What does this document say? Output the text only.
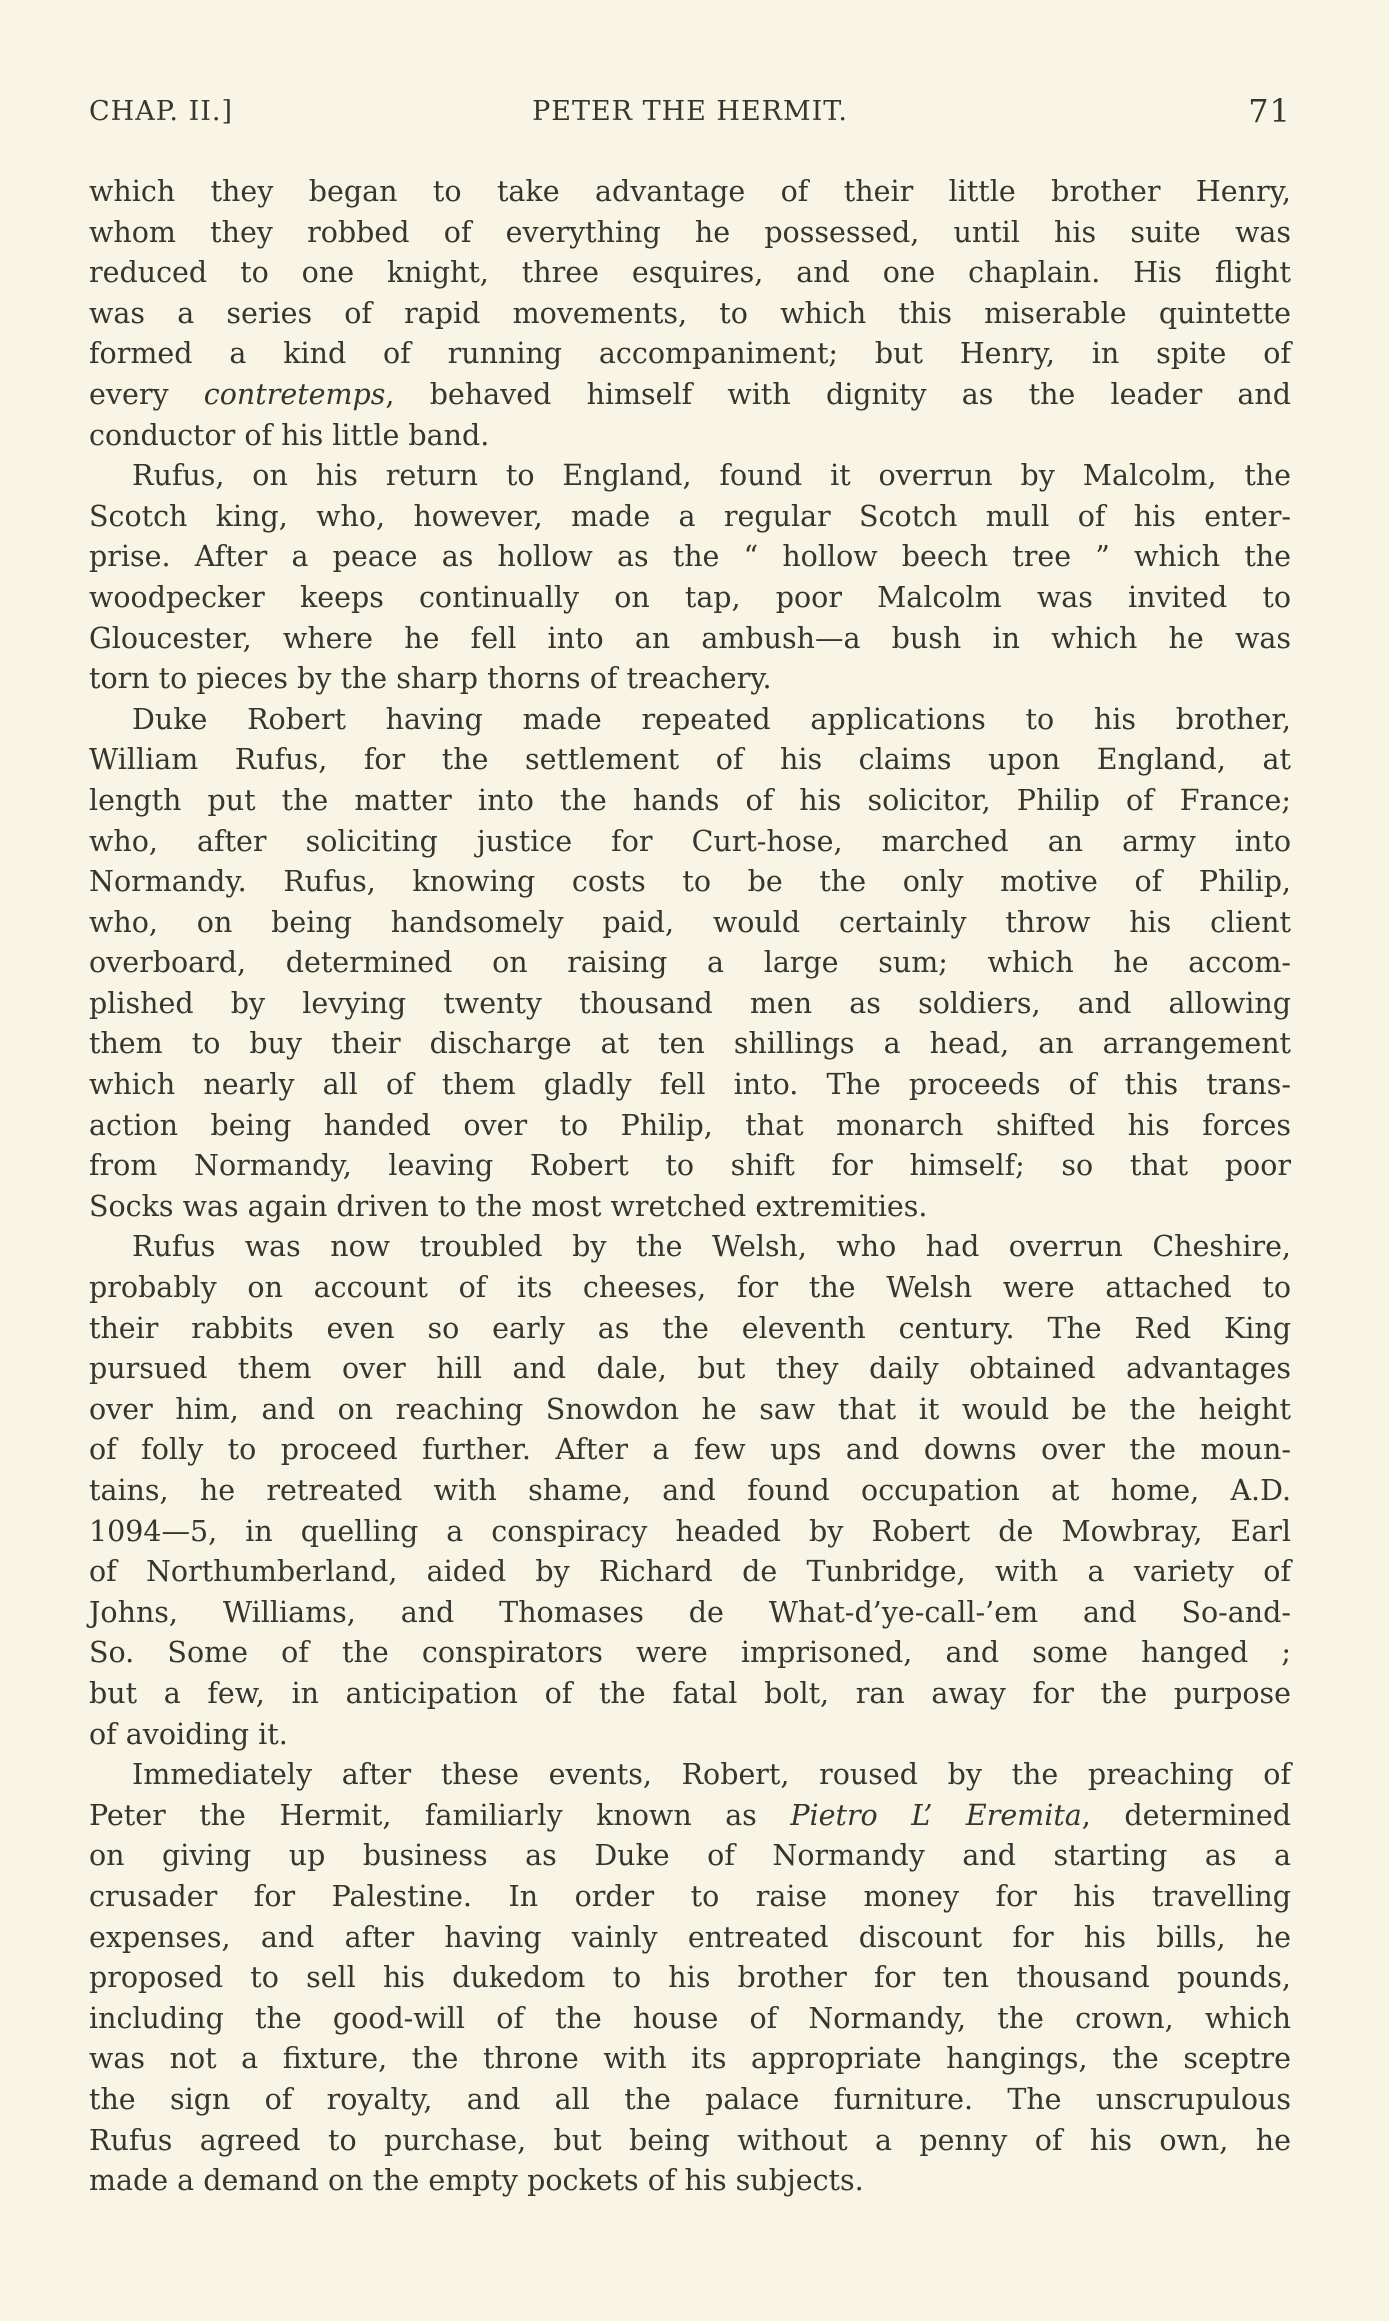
CHAP. II.]	PETER THE HERMIT.	71
which they began to take advantage of their little brother Henry,
whom they robbed of everything he possessed, until his suite was
reduced to one knight, three esquires, and one chaplain. His flight
was a series of rapid movements, to which this miserable quintette
formed a kind of running accompaniment; but Henry, in spite of
every contretemps, behaved himself with dignity as the leader and
conductor of his little band.
Rufus, on his return to England, found it overrun by Malcolm, the
Scotch king, who, however, made a regular Scotch mull of his enter-
prise. After a peace as hollow as the “ hollow beech tree ” which the
woodpecker keeps continually on tap, poor Malcolm was invited to
Gloucester, where he fell into an ambush—a bush in which he was
torn to pieces by the sharp thorns of treachery.
Duke Robert having made repeated applications to his brother,
William Rufus, for the settlement of his claims upon England, at
length put the matter into the hands of his solicitor, Philip of France;
who, after soliciting justice for Curt-hose, marched an army into
Normandy. Rufus, knowing costs to be the only motive of Philip,
who, on being handsomely paid, would certainly throw his client
overboard, determined on raising a large sum; which he accom-
plished by levying twenty thousand men as soldiers, and allowing
them to buy their discharge at ten shillings a head, an arrangement
which nearly all of them gladly fell into. The proceeds of this trans-
action being handed over to Philip, that monarch shifted his forces
from Normandy, leaving Robert to shift for himself; so that poor
Socks was again driven to the most wretched extremities.
Rufus was now troubled by the Welsh, who had overrun Cheshire,
probably on account of its cheeses, for the Welsh were attached to
their rabbits even so early as the eleventh century. The Red King
pursued them over hill and dale, but they daily obtained advantages
over him, and on reaching Snowdon he saw that it would be the height
of folly to proceed further. After a few ups and downs over the moun-
tains, he retreated with shame, and found occupation at home, A.D.
1094—5, in quelling a conspiracy headed by Robert de Mowbray, Earl
of Northumberland, aided by Richard de Tunbridge, with a variety of
Johns, Williams, and Thomases de What-d’ye-call-’em and So-and-
So. Some of the conspirators were imprisoned, and some hanged ;
but a few, in anticipation of the fatal bolt, ran away for the purpose
of avoiding it.
Immediately after these events, Robert, roused by the preaching of
Peter the Hermit, familiarly known as Pietro L’ Eremita, determined
on giving up business as Duke of Normandy and starting as a
crusader for Palestine. In order to raise money for his travelling
expenses, and after having vainly entreated discount for his bills, he
proposed to sell his dukedom to his brother for ten thousand pounds,
including the good-will of the house of Normandy, the crown, which
was not a fixture, the throne with its appropriate hangings, the sceptre
the sign of royalty, and all the palace furniture. The unscrupulous
Rufus agreed to purchase, but being without a penny of his own, he
made a demand on the empty pockets of his subjects.
